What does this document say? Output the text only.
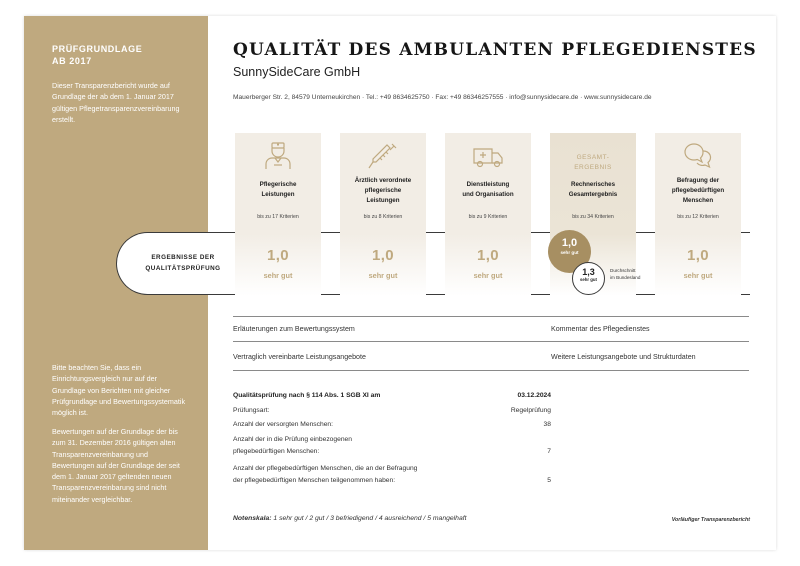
PRÜFGRUNDLAGE
AB 2017
Dieser Transparenzbericht wurde auf Grundlage der ab dem 1. Januar 2017 gültigen Pflegetransparenzvereinbarung erstellt.
Bitte beachten Sie, dass ein Einrichtungsvergleich nur auf der Grundlage von Berichten mit gleicher Prüfgrundlage und Bewertungssystematik möglich ist.
Bewertungen auf der Grundlage der bis zum 31. Dezember 2016 gültigen alten Transparenzvereinbarung und Bewertungen auf der Grundlage der seit dem 1. Januar 2017 geltenden neuen Transparenzvereinbarung sind nicht miteinander vergleichbar.
QUALITÄT DES AMBULANTEN PFLEGEDIENSTES
SunnySideCare GmbH
Mauerberger Str. 2, 84579 Unterneukirchen · Tel.: +49 8634625750 · Fax: +49 86346257555 · info@sunnysidecare.de · www.sunnysidecare.de
ERGEBNISSE DER
QUALITÄTSPRÜFUNG
Pflegerische
Leistungen
bis zu 17 Kriterien
1,0
sehr gut
Ärztlich verordnete
pflegerische
Leistungen
bis zu 8 Kriterien
1,0
sehr gut
Dienstleistung
und Organisation
bis zu 9 Kriterien
1,0
sehr gut
GESAMT-
ERGEBNIS
Rechnerisches
Gesamtergebnis
bis zu 34 Kriterien
1,0
sehr gut
1,3
sehr gut
Durchschnitt
im Bundesland
Befragung der
pflegebedürftigen
Menschen
bis zu 12 Kriterien
1,0
sehr gut
Erläuterungen zum Bewertungssystem	Kommentar des Pflegedienstes
Vertraglich vereinbarte Leistungsangebote	Weitere Leistungsangebote und Strukturdaten
Qualitätsprüfung nach § 114 Abs. 1 SGB XI am	03.12.2024
Prüfungsart:	Regelprüfung
Anzahl der versorgten Menschen:	38
Anzahl der in die Prüfung einbezogenen
pflegebedürftigen Menschen:	7
Anzahl der pflegebedürftigen Menschen, die an der Befragung
der pflegebedürftigen Menschen teilgenommen haben:	5
Notenskala: 1 sehr gut / 2 gut / 3 befriedigend / 4 ausreichend / 5 mangelhaft	Vorläufiger Transparenzbericht
